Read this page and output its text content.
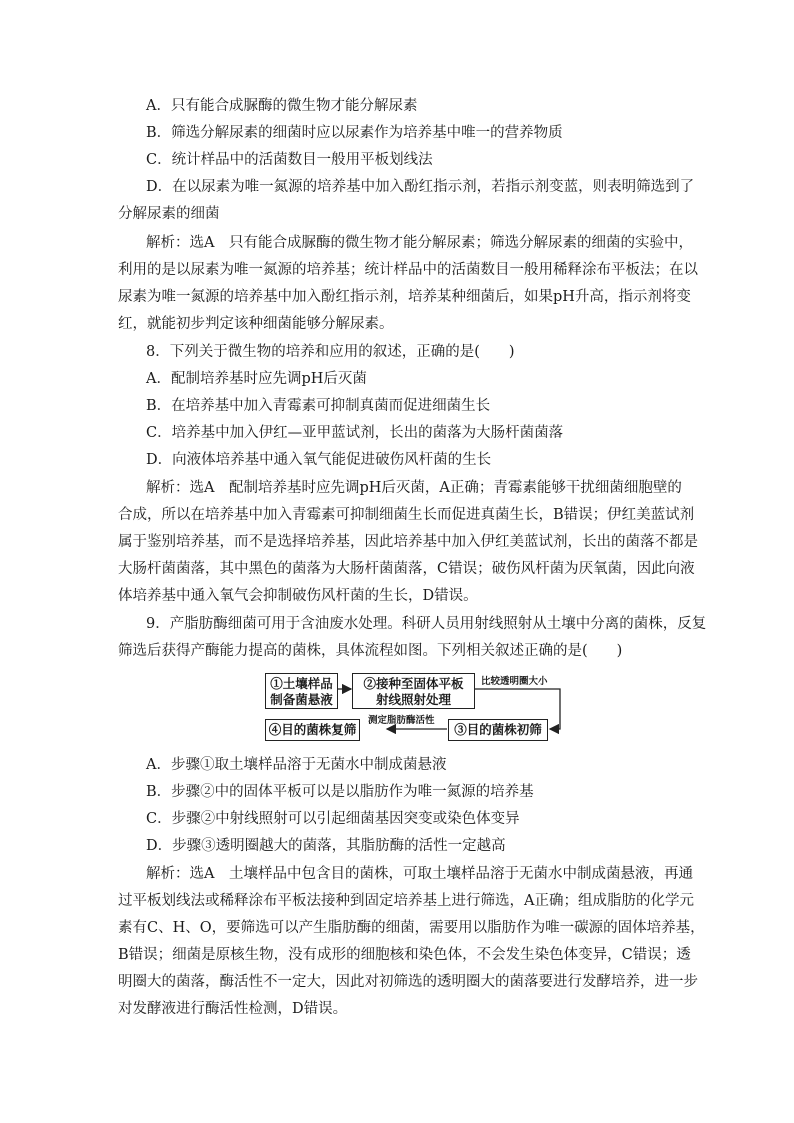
A．只有能合成脲酶的微生物才能分解尿素
B．筛选分解尿素的细菌时应以尿素作为培养基中唯一的营养物质
C．统计样品中的活菌数目一般用平板划线法
D．在以尿素为唯一氮源的培养基中加入酚红指示剂，若指示剂变蓝，则表明筛选到了
分解尿素的细菌
解析：选A　只有能合成脲酶的微生物才能分解尿素；筛选分解尿素的细菌的实验中，
利用的是以尿素为唯一氮源的培养基；统计样品中的活菌数目一般用稀释涂布平板法；在以
尿素为唯一氮源的培养基中加入酚红指示剂，培养某种细菌后，如果pH升高，指示剂将变
红，就能初步判定该种细菌能够分解尿素。
8．下列关于微生物的培养和应用的叙述，正确的是(　　)
A．配制培养基时应先调pH后灭菌
B．在培养基中加入青霉素可抑制真菌而促进细菌生长
C．培养基中加入伊红—亚甲蓝试剂，长出的菌落为大肠杆菌菌落
D．向液体培养基中通入氧气能促进破伤风杆菌的生长
解析：选A　配制培养基时应先调pH后灭菌，A正确；青霉素能够干扰细菌细胞壁的
合成，所以在培养基中加入青霉素可抑制细菌生长而促进真菌生长，B错误；伊红美蓝试剂
属于鉴别培养基，而不是选择培养基，因此培养基中加入伊红美蓝试剂，长出的菌落不都是
大肠杆菌菌落，其中黑色的菌落为大肠杆菌菌落，C错误；破伤风杆菌为厌氧菌，因此向液
体培养基中通入氧气会抑制破伤风杆菌的生长，D错误。
9．产脂肪酶细菌可用于含油废水处理。科研人员用射线照射从土壤中分离的菌株，反复
筛选后获得产酶能力提高的菌株，具体流程如图。下列相关叙述正确的是(　　)
①土壤样品
制备菌悬液
②接种至固体平板
射线照射处理
③目的菌株初筛
④目的菌株复筛
比较透明圈大小
测定脂肪酶活性
A．步骤①取土壤样品溶于无菌水中制成菌悬液
B．步骤②中的固体平板可以是以脂肪作为唯一氮源的培养基
C．步骤②中射线照射可以引起细菌基因突变或染色体变异
D．步骤③透明圈越大的菌落，其脂肪酶的活性一定越高
解析：选A　土壤样品中包含目的菌株，可取土壤样品溶于无菌水中制成菌悬液，再通
过平板划线法或稀释涂布平板法接种到固定培养基上进行筛选，A正确；组成脂肪的化学元
素有C、H、O，要筛选可以产生脂肪酶的细菌，需要用以脂肪作为唯一碳源的固体培养基，
B错误；细菌是原核生物，没有成形的细胞核和染色体，不会发生染色体变异，C错误；透
明圈大的菌落，酶活性不一定大，因此对初筛选的透明圈大的菌落要进行发酵培养，进一步
对发酵液进行酶活性检测，D错误。
